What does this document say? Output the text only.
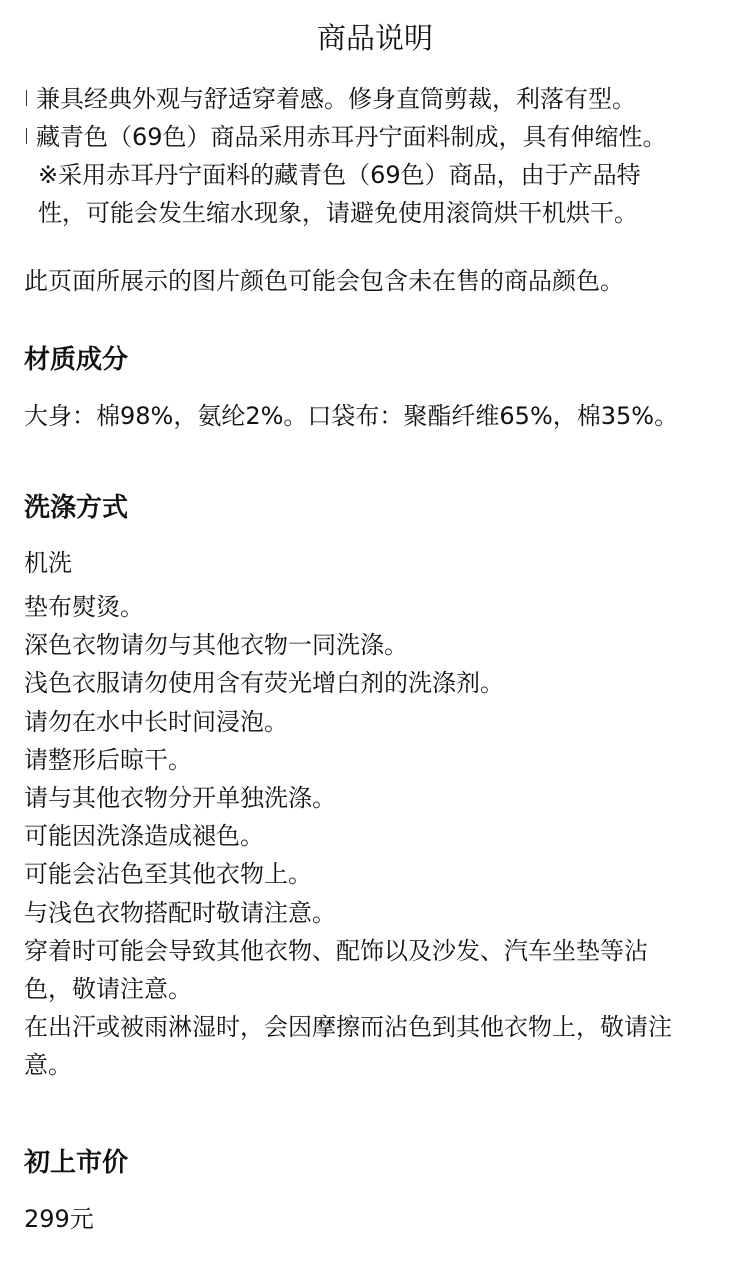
商品说明
兼具经典外观与舒适穿着感。修身直筒剪裁，利落有型。
藏青色（69色）商品采用赤耳丹宁面料制成，具有伸缩性。
※采用赤耳丹宁面料的藏青色（69色）商品，由于产品特
性，可能会发生缩水现象，请避免使用滚筒烘干机烘干。
此页面所展示的图片颜色可能会包含未在售的商品颜色。
材质成分
大身：棉98%，氨纶2%。口袋布：聚酯纤维65%，棉35%。
洗涤方式
机洗
垫布熨烫。
深色衣物请勿与其他衣物一同洗涤。
浅色衣服请勿使用含有荧光增白剂的洗涤剂。
请勿在水中长时间浸泡。
请整形后晾干。
请与其他衣物分开单独洗涤。
可能因洗涤造成褪色。
可能会沾色至其他衣物上。
与浅色衣物搭配时敬请注意。
穿着时可能会导致其他衣物、配饰以及沙发、汽车坐垫等沾
色，敬请注意。
在出汗或被雨淋湿时，会因摩擦而沾色到其他衣物上，敬请注
意。
初上市价
299元
